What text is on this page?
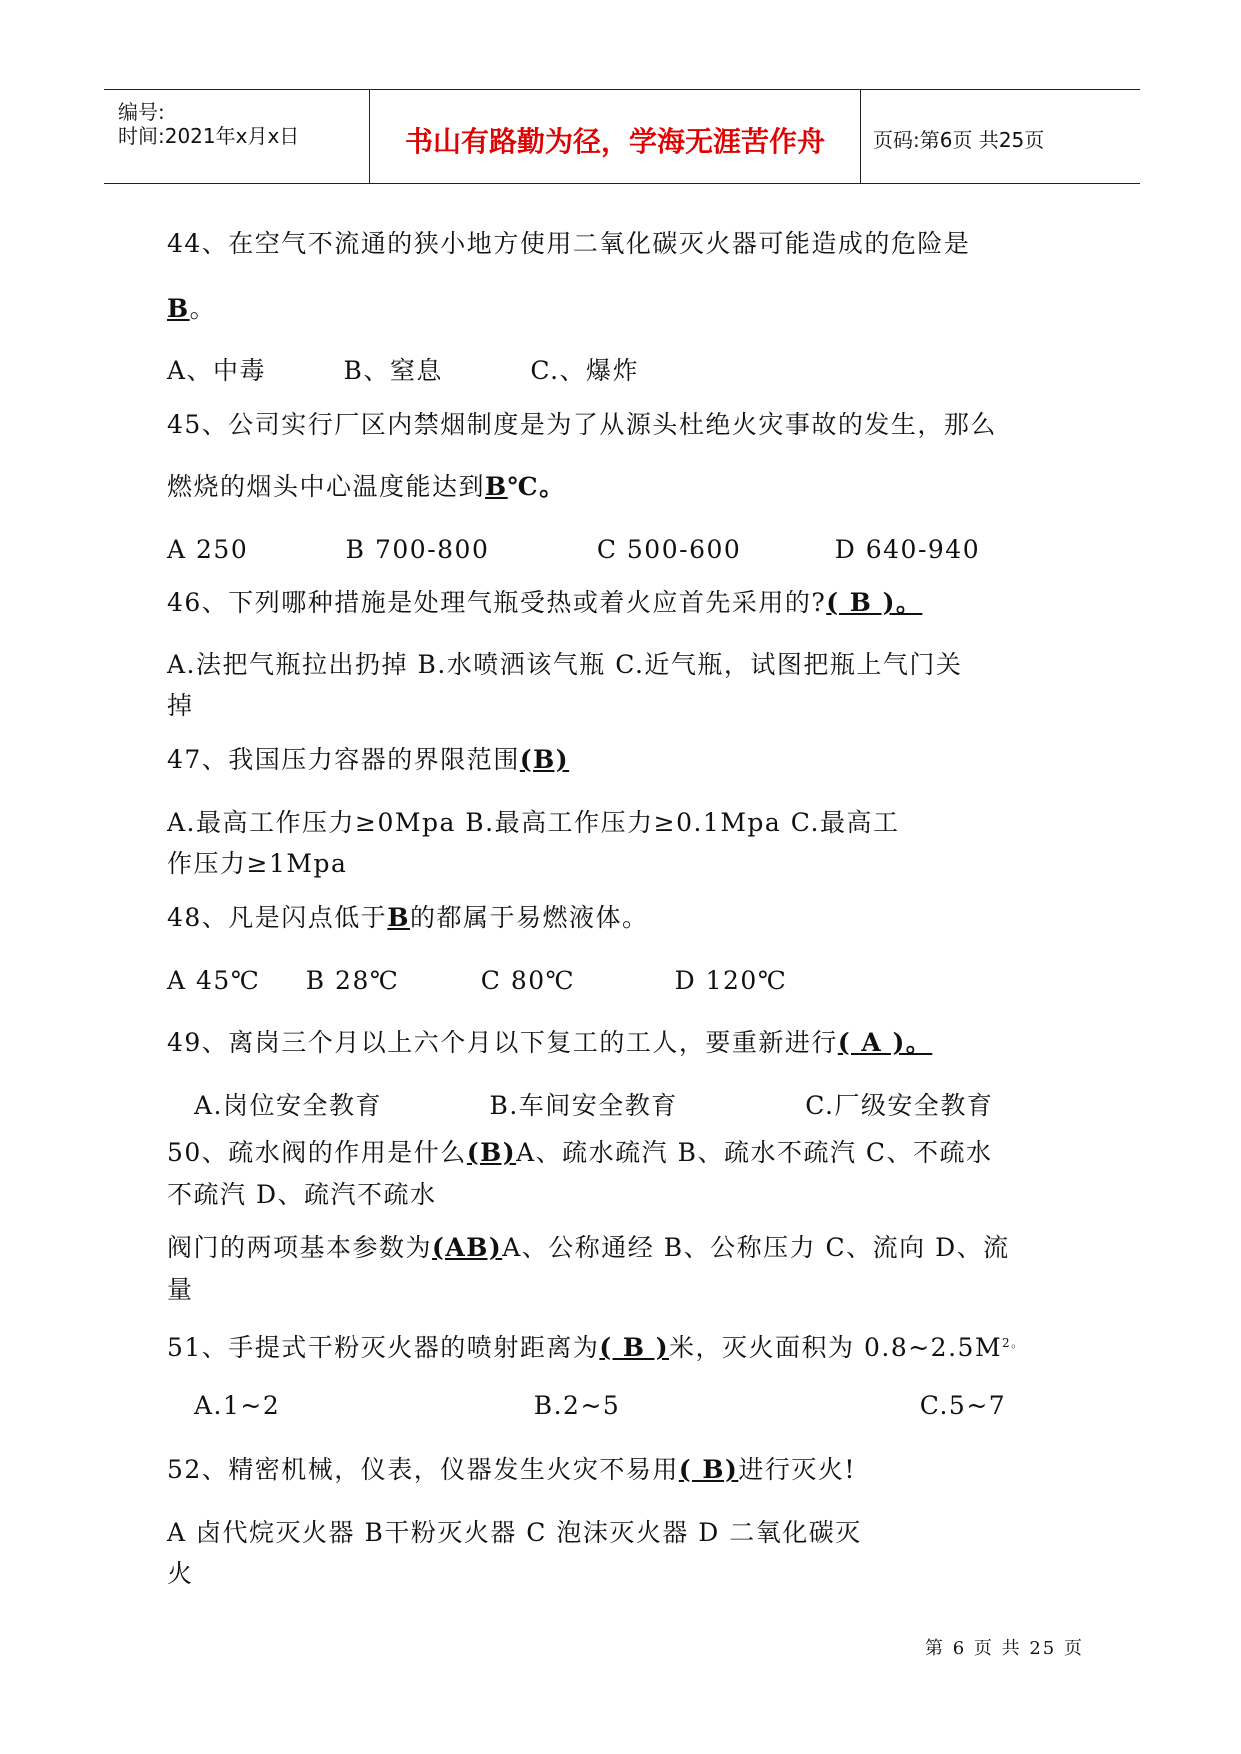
编号:
时间:2021年x月x日	书山有路勤为径，学海无涯苦作舟	页码:第6页 共25页
44、在空气不流通的狭小地方使用二氧化碳灭火器可能造成的危险是
B。
A、中毒	B、窒息	C.、爆炸
45、公司实行厂区内禁烟制度是为了从源头杜绝火灾事故的发生，那么
燃烧的烟头中心温度能达到B℃。
A 250	B 700-800	C 500-600	D 640-940
46、下列哪种措施是处理气瓶受热或着火应首先采用的?( B )。
A.法把气瓶拉出扔掉 B.水喷洒该气瓶 C.近气瓶，试图把瓶上气门关
掉
47、我国压力容器的界限范围(B)
A.最高工作压力≥0Mpa B.最高工作压力≥0.1Mpa C.最高工
作压力≥1Mpa
48、凡是闪点低于B的都属于易燃液体。
A 45℃ B 28℃	C 80℃	D 120℃
49、离岗三个月以上六个月以下复工的工人，要重新进行( A )。
A.岗位安全教育	B.车间安全教育	C.厂级安全教育
50、疏水阀的作用是什么(B)A、疏水疏汽 B、疏水不疏汽 C、不疏水
不疏汽 D、疏汽不疏水
阀门的两项基本参数为(AB)A、公称通经 B、公称压力 C、流向 D、流
量
51、手提式干粉灭火器的喷射距离为( B )米，灭火面积为 0.8~2.5M2。
A.1~2	B.2~5	C.5~7
52、精密机械，仪表，仪器发生火灾不易用( B)进行灭火!
A 卤代烷灭火器 B干粉灭火器 C 泡沫灭火器 D 二氧化碳灭
火
第 6 页 共 25 页
